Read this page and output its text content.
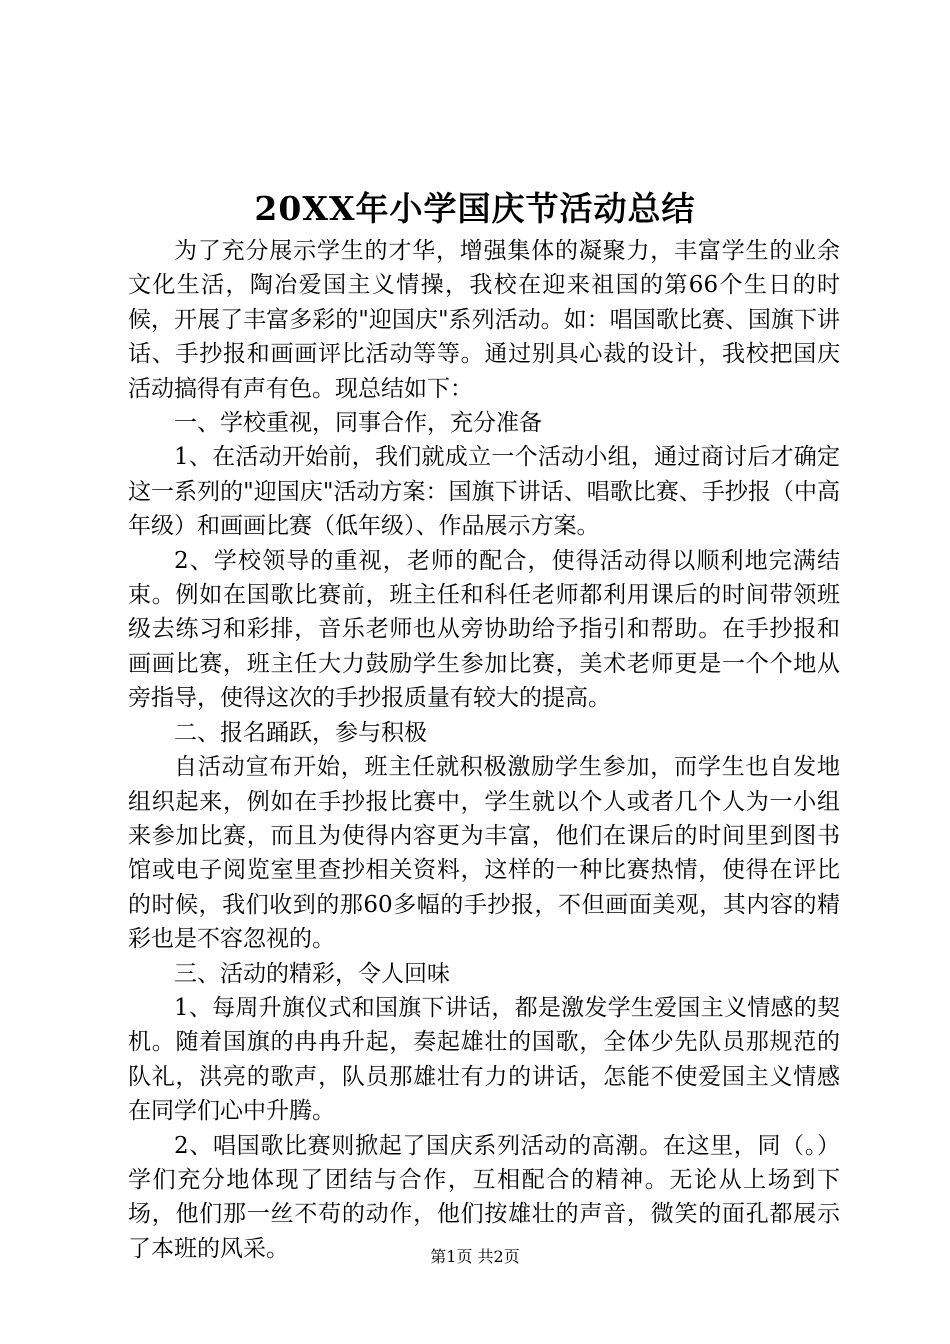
20XX年小学国庆节活动总结

为了充分展示学生的才华，增强集体的凝聚力，丰富学生的业余文化生活，陶冶爱国主义情操，我校在迎来祖国的第66个生日的时候，开展了丰富多彩的"迎国庆"系列活动。如：唱国歌比赛、国旗下讲话、手抄报和画画评比活动等等。通过别具心裁的设计，我校把国庆活动搞得有声有色。现总结如下：

一、学校重视，同事合作，充分准备

1、在活动开始前，我们就成立一个活动小组，通过商讨后才确定这一系列的"迎国庆"活动方案：国旗下讲话、唱歌比赛、手抄报（中高年级）和画画比赛（低年级）、作品展示方案。

2、学校领导的重视，老师的配合，使得活动得以顺利地完满结束。例如在国歌比赛前，班主任和科任老师都利用课后的时间带领班级去练习和彩排，音乐老师也从旁协助给予指引和帮助。在手抄报和画画比赛，班主任大力鼓励学生参加比赛，美术老师更是一个个地从旁指导，使得这次的手抄报质量有较大的提高。

二、报名踊跃，参与积极

自活动宣布开始，班主任就积极激励学生参加，而学生也自发地组织起来，例如在手抄报比赛中，学生就以个人或者几个人为一小组来参加比赛，而且为使得内容更为丰富，他们在课后的时间里到图书馆或电子阅览室里查抄相关资料，这样的一种比赛热情，使得在评比的时候，我们收到的那60多幅的手抄报，不但画面美观，其内容的精彩也是不容忽视的。

三、活动的精彩，令人回味

1、每周升旗仪式和国旗下讲话，都是激发学生爱国主义情感的契机。随着国旗的冉冉升起，奏起雄壮的国歌，全体少先队员那规范的队礼，洪亮的歌声，队员那雄壮有力的讲话，怎能不使爱国主义情感在同学们心中升腾。

2、唱国歌比赛则掀起了国庆系列活动的高潮。在这里，同（。）学们充分地体现了团结与合作，互相配合的精神。无论从上场到下场，他们那一丝不苟的动作，他们按雄壮的声音，微笑的面孔都展示了本班的风采。	第1页 共2页
